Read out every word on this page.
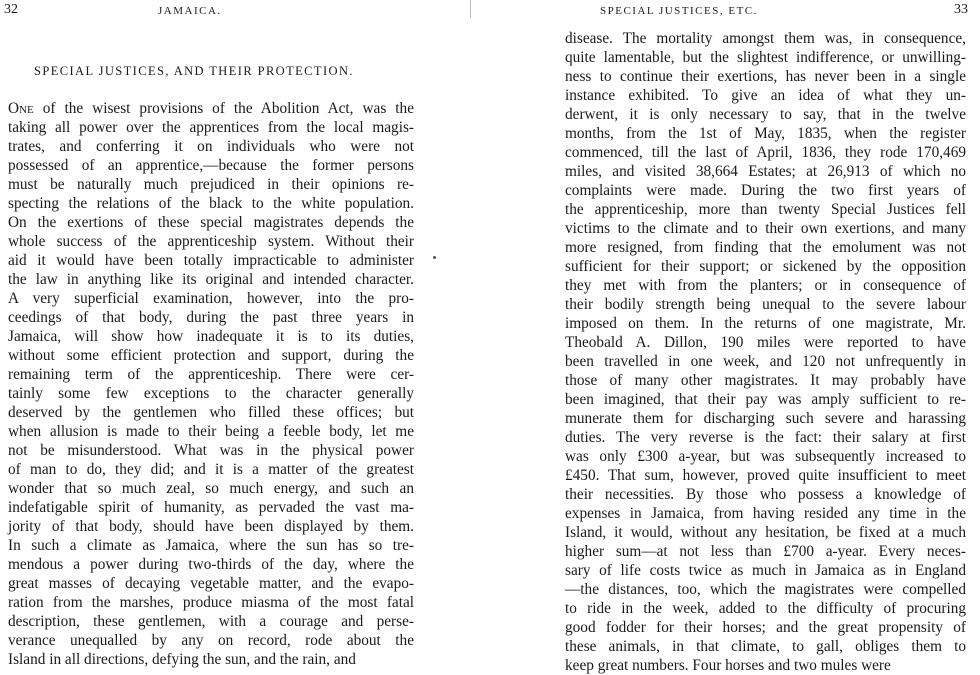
32	JAMAICA.
SPECIAL JUSTICES, AND THEIR PROTECTION.
One of the wisest provisions of the Abolition Act, was the
taking all power over the apprentices from the local magis-
trates, and conferring it on individuals who were not
possessed of an apprentice,—because the former persons
must be naturally much prejudiced in their opinions re-
specting the relations of the black to the white population.
On the exertions of these special magistrates depends the
whole success of the apprenticeship system. Without their
aid it would have been totally impracticable to administer
the law in anything like its original and intended character.
A very superficial examination, however, into the pro-
ceedings of that body, during the past three years in
Jamaica, will show how inadequate it is to its duties,
without some efficient protection and support, during the
remaining term of the apprenticeship. There were cer-
tainly some few exceptions to the character generally
deserved by the gentlemen who filled these offices; but
when allusion is made to their being a feeble body, let me
not be misunderstood. What was in the physical power
of man to do, they did; and it is a matter of the greatest
wonder that so much zeal, so much energy, and such an
indefatigable spirit of humanity, as pervaded the vast ma-
jority of that body, should have been displayed by them.
In such a climate as Jamaica, where the sun has so tre-
mendous a power during two-thirds of the day, where the
great masses of decaying vegetable matter, and the evapo-
ration from the marshes, produce miasma of the most fatal
description, these gentlemen, with a courage and perse-
verance unequalled by any on record, rode about the
Island in all directions, defying the sun, and the rain, and
SPECIAL JUSTICES, ETC.	33
disease. The mortality amongst them was, in consequence,
quite lamentable, but the slightest indifference, or unwilling-
ness to continue their exertions, has never been in a single
instance exhibited. To give an idea of what they un-
derwent, it is only necessary to say, that in the twelve
months, from the 1st of May, 1835, when the register
commenced, till the last of April, 1836, they rode 170,469
miles, and visited 38,664 Estates; at 26,913 of which no
complaints were made. During the two first years of
the apprenticeship, more than twenty Special Justices fell
victims to the climate and to their own exertions, and many
more resigned, from finding that the emolument was not
sufficient for their support; or sickened by the opposition
they met with from the planters; or in consequence of
their bodily strength being unequal to the severe labour
imposed on them. In the returns of one magistrate, Mr.
Theobald A. Dillon, 190 miles were reported to have
been travelled in one week, and 120 not unfrequently in
those of many other magistrates. It may probably have
been imagined, that their pay was amply sufficient to re-
munerate them for discharging such severe and harassing
duties. The very reverse is the fact: their salary at first
was only £300 a-year, but was subsequently increased to
£450. That sum, however, proved quite insufficient to meet
their necessities. By those who possess a knowledge of
expenses in Jamaica, from having resided any time in the
Island, it would, without any hesitation, be fixed at a much
higher sum—at not less than £700 a-year. Every neces-
sary of life costs twice as much in Jamaica as in England
—the distances, too, which the magistrates were compelled
to ride in the week, added to the difficulty of procuring
good fodder for their horses; and the great propensity of
these animals, in that climate, to gall, obliges them to
keep great numbers. Four horses and two mules were
